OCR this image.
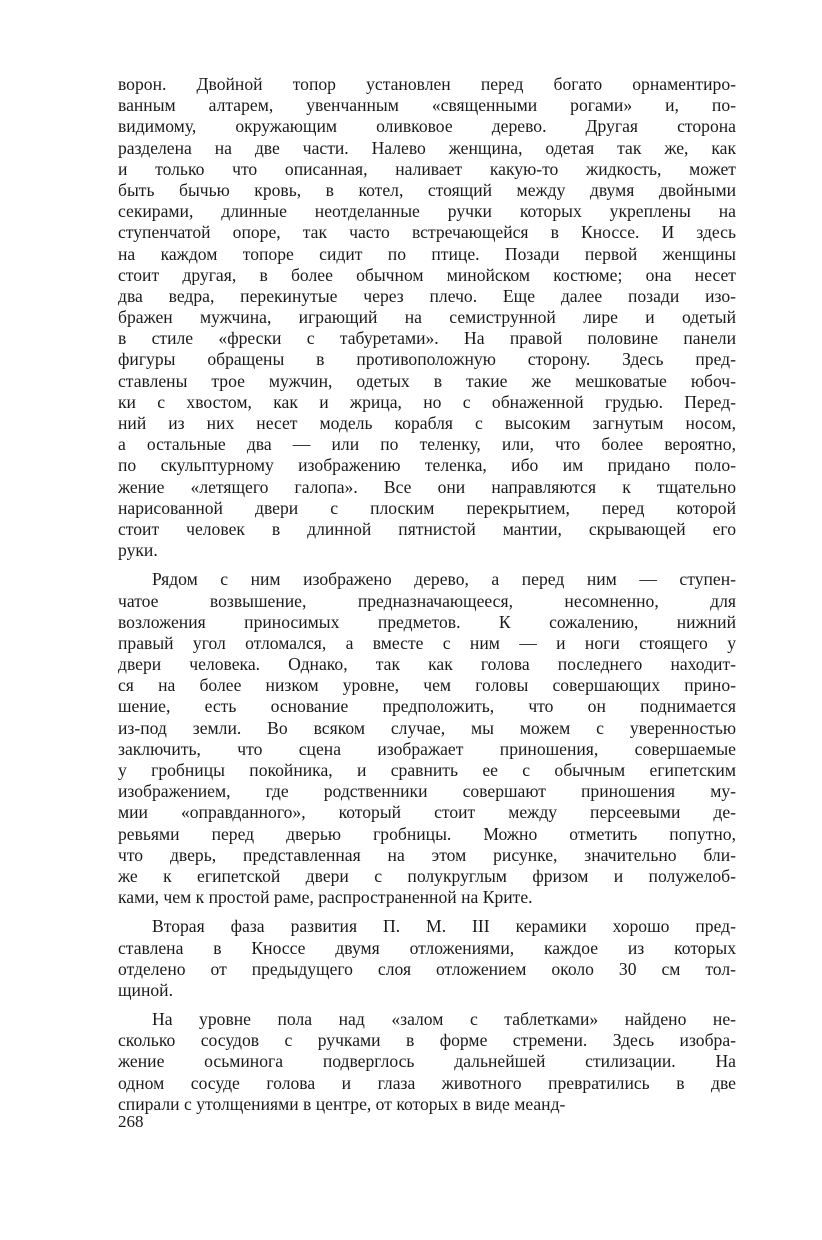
ворон. Двойной топор установлен перед богато орнаментиро-
ванным алтарем, увенчанным «священными рогами» и, по-
видимому, окружающим оливковое дерево. Другая сторона
разделена на две части. Налево женщина, одетая так же, как
и только что описанная, наливает какую-то жидкость, может
быть бычью кровь, в котел, стоящий между двумя двойными
секирами, длинные неотделанные ручки которых укреплены на
ступенчатой опоре, так часто встречающейся в Кноссе. И здесь
на каждом топоре сидит по птице. Позади первой женщины
стоит другая, в более обычном минойском костюме; она несет
два ведра, перекинутые через плечо. Еще далее позади изо-
бражен мужчина, играющий на семиструнной лире и одетый
в стиле «фрески с табуретами». На правой половине панели
фигуры обращены в противоположную сторону. Здесь пред-
ставлены трое мужчин, одетых в такие же мешковатые юбоч-
ки с хвостом, как и жрица, но с обнаженной грудью. Перед-
ний из них несет модель корабля с высоким загнутым носом,
а остальные два — или по теленку, или, что более вероятно,
по скульптурному изображению теленка, ибо им придано поло-
жение «летящего галопа». Все они направляются к тщательно
нарисованной двери с плоским перекрытием, перед которой
стоит человек в длинной пятнистой мантии, скрывающей его
руки.
Рядом с ним изображено дерево, а перед ним — ступен-
чатое возвышение, предназначающееся, несомненно, для
возложения приносимых предметов. К сожалению, нижний
правый угол отломался, а вместе с ним — и ноги стоящего у
двери человека. Однако, так как голова последнего находит-
ся на более низком уровне, чем головы совершающих прино-
шение, есть основание предположить, что он поднимается
из-под земли. Во всяком случае, мы можем с уверенностью
заключить, что сцена изображает приношения, совершаемые
у гробницы покойника, и сравнить ее с обычным египетским
изображением, где родственники совершают приношения му-
мии «оправданного», который стоит между персеевыми де-
ревьями перед дверью гробницы. Можно отметить попутно,
что дверь, представленная на этом рисунке, значительно бли-
же к египетской двери с полукруглым фризом и полужелоб-
ками, чем к простой раме, распространенной на Крите.
Вторая фаза развития П. М. III керамики хорошо пред-
ставлена в Кноссе двумя отложениями, каждое из которых
отделено от предыдущего слоя отложением около 30 см тол-
щиной.
На уровне пола над «залом с таблетками» найдено не-
сколько сосудов с ручками в форме стремени. Здесь изобра-
жение осьминога подверглось дальнейшей стилизации. На
одном сосуде голова и глаза животного превратились в две
спирали с утолщениями в центре, от которых в виде меанд-
268
